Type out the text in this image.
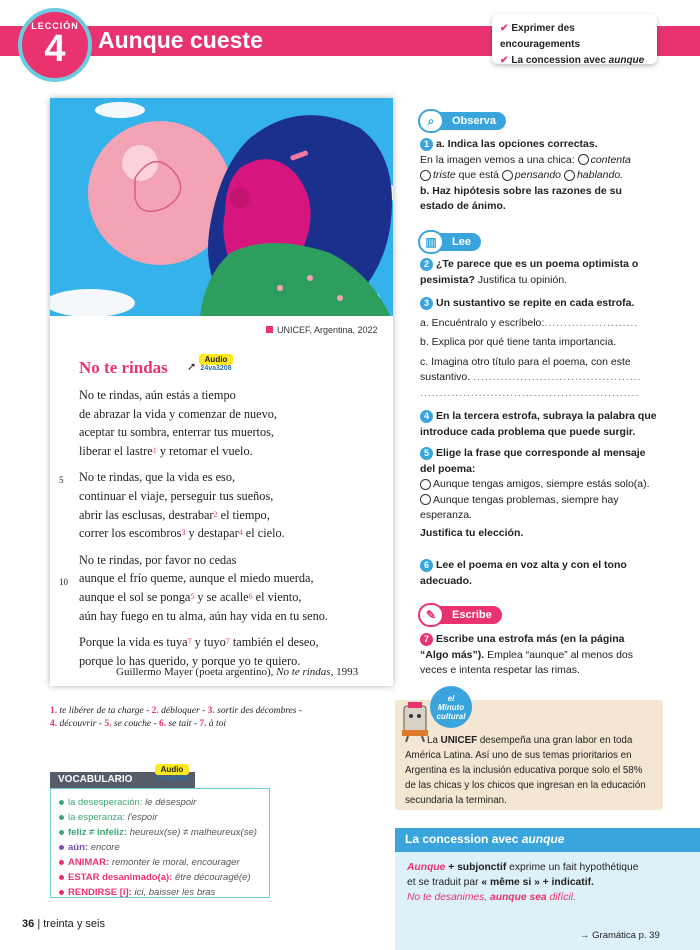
LECCIÓN
4	Aunque cueste	✔ Exprimer des encouragements
✔ La concession avec aunque
UNICEF, Argentina, 2022
No te rindas	Audio
24va3208
➚
No te rindas, aún estás a tiempo
de abrazar la vida y comenzar de nuevo,
aceptar tu sombra, enterrar tus muertos,
liberar el lastre$^1$ y retomar el vuelo.
5 No te rindas, que la vida es eso,
continuar el viaje, perseguir tus sueños,
abrir las esclusas, destrabar$^2$ el tiempo,
correr los escombros$^3$ y destapar$^4$ el cielo.
10
No te rindas, por favor no cedas
aunque el frío queme, aunque el miedo muerda,
aunque el sol se ponga$^5$ y se acalle$^6$ el viento,
aún hay fuego en tu alma, aún hay vida en tu seno.
Porque la vida es tuya$^7$ y tuyo$^7$ también el deseo,
porque lo has querido, y porque yo te quiero.
Guillermo Mayer (poeta argentino), No te rindas, 1993
1. te libérer de ta charge - 2. débloquer - 3. sortir des décombres -
4. découvrir - 5. se couche - 6. se tait - 7. à toi
VOCABULARIO
Audio
24va3209
la desesperación: le désespoir
la esperanza: l'espoir
feliz ≠ infeliz: heureux(se) ≠ malheureux(se)
aún: encore
ANIMAR: remonter le moral, encourager
ESTAR desanimado(a): être découragé(e)
RENDIRSE [i]: ici, baisser les bras
36 | treinta y seis
⌕	Observa
1 a. Indica las opciones correctas.
En la imagen vemos a una chica: contenta
triste que está pensando hablando.
b. Haz hipótesis sobre las razones de su estado de ánimo.
▥	Lee
2 ¿Te parece que es un poema optimista o pesimista? Justifica tu opinión.
3 Un sustantivo se repite en cada estrofa.
a. Encuéntralo y escríbelo:........................
b. Explica por qué tiene tanta importancia.
c. Imagina otro título para el poema, con este sustantivo. ...........................................
........................................................
4 En la tercera estrofa, subraya la palabra que introduce cada problema que puede surgir.
5 Elige la frase que corresponde al mensaje del poema:
Aunque tengas amigos, siempre estás solo(a).
Aunque tengas problemas, siempre hay esperanza.
Justifica tu elección.
6 Lee el poema en voz alta y con el tono adecuado.
✎	Escribe
7 Escribe una estrofa más (en la página “Algo más”). Emplea “aunque” al menos dos veces e intenta respetar las rimas.
el
Minuto
cultural
La UNICEF desempeña una gran labor en toda América Latina. Así uno de sus temas prioritarios en Argentina es la inclusión educativa porque solo el 58% de las chicas y los chicos que ingresan en la educación secundaria la terminan.
La concession avec aunque
Aunque + subjonctif exprime un fait hypothétique
et se traduit par « même si » + indicatif.
No te desanimes, aunque sea difícil.
→ Gramática p. 39
